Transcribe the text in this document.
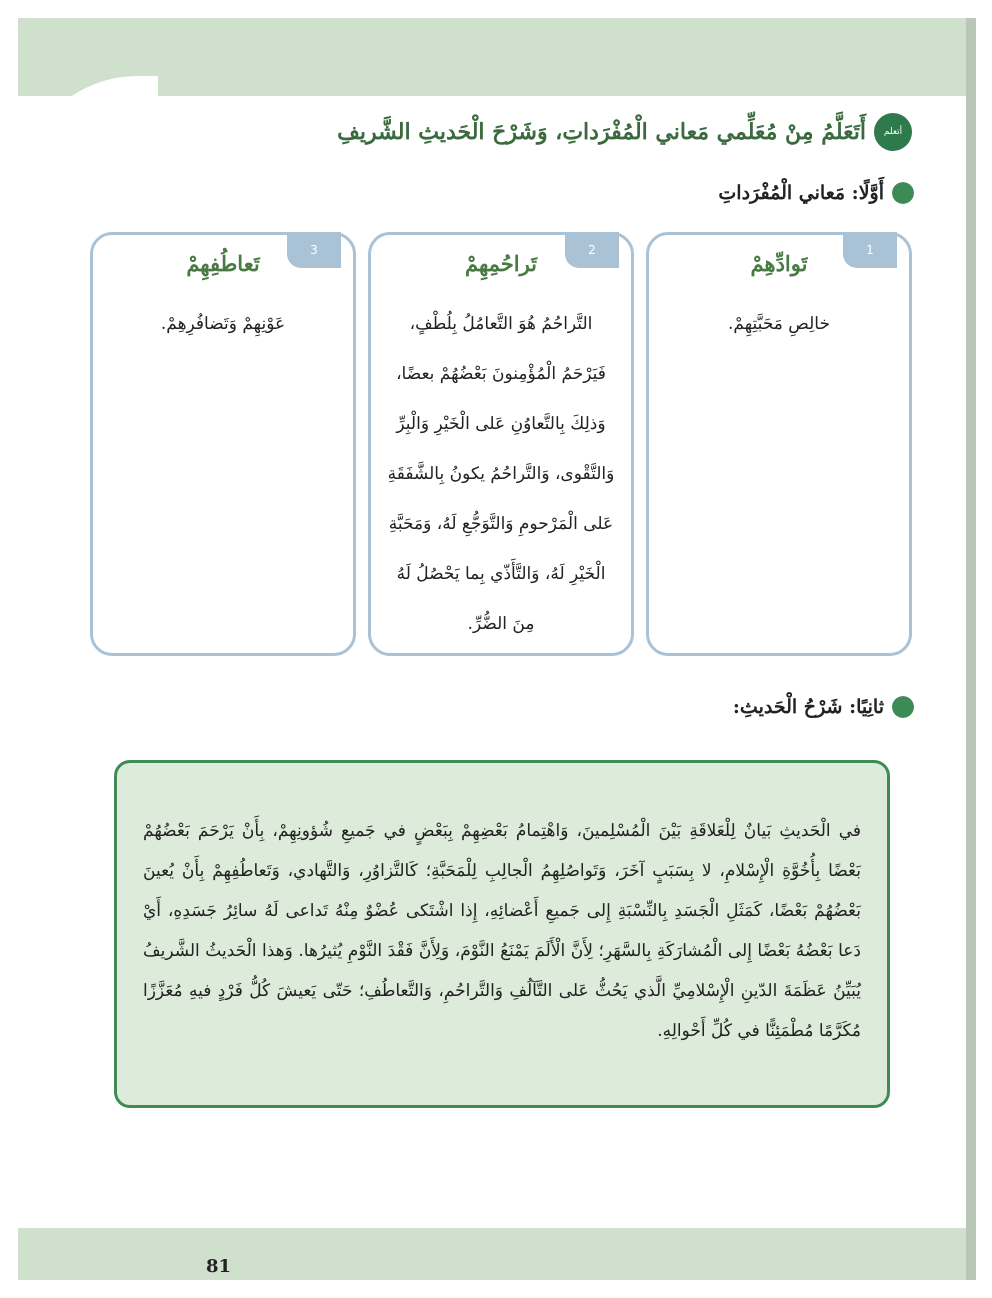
أتعلم
أَتَعَلَّمُ مِنْ مُعَلِّمي مَعاني الْمُفْرَداتِ، وَشَرْحَ الْحَديثِ الشَّريفِ
أَوَّلًا: مَعاني الْمُفْرَداتِ
1
تَوادِّهِمْ
خالِصِ مَحَبَّتِهِمْ.
2
تَراحُمِهِمْ
التَّراحُمُ هُوَ التَّعامُلُ بِلُطْفٍ، فَيَرْحَمُ الْمُؤْمِنونَ بَعْضُهُمْ بعضًا، وَذلِكَ بِالتَّعاوُنِ عَلى الْخَيْرِ وَالْبِرِّ وَالتَّقْوى، وَالتَّراحُمُ يكونُ بِالشَّفَقَةِ عَلى الْمَرْحومِ وَالتَّوَجُّعِ لَهُ، وَمَحَبَّةِ الْخَيْرِ لَهُ، وَالتَّأَذّي بِما يَحْصُلُ لَهُ مِنَ الضُّرِّ.
3
تَعاطُفِهِمْ
عَوْنِهِمْ وَتَضافُرِهِمْ.
ثانِيًا: شَرْحُ الْحَديثِ:

في الْحَديثِ بَيانٌ لِلْعَلاقَةِ بَيْنَ الْمُسْلِمينَ، وَاهْتِمامُ بَعْضِهِمْ بِبَعْضٍ في جَميعِ شُؤونِهِمْ، بِأَنْ يَرْحَمَ بَعْضُهُمْ بَعْضًا بِأُخُوَّةِ الْإِسْلامِ، لا بِسَبَبٍ آخَرَ، وَتَواصُلِهِمُ الْجالِبِ لِلْمَحَبَّةِ؛ كَالتَّزاوُرِ، وَالتَّهادي، وَتَعاطُفِهِمْ بِأَنْ يُعينَ بَعْضُهُمْ بَعْضًا، كَمَثَلِ الْجَسَدِ بِالنِّسْبَةِ إِلى جَميعِ أَعْضائِهِ، إِذا اشْتَكى عُضْوٌ مِنْهُ تَداعى لَهُ سائِرُ جَسَدِهِ، أَيْ دَعا بَعْضُهُ بَعْضًا إِلى الْمُشارَكَةِ بِالسَّهَرِ؛ لِأَنَّ الْأَلَمَ يَمْنَعُ النَّوْمَ، وَلِأَنَّ فَقْدَ النَّوْمِ يُثيرُها. وَهذا الْحَديثُ الشَّريفُ يُبَيِّنُ عَظَمَةَ الدّينِ الْإِسْلامِيِّ الَّذي يَحُثُّ عَلى التَّآلُفِ وَالتَّراحُمِ، وَالتَّعاطُفِ؛ حَتّى يَعيشَ كُلُّ فَرْدٍ فيهِ مُعَزَّزًا مُكَرَّمًا مُطْمَئِنًّا في كُلِّ أَحْوالِهِ.

81
